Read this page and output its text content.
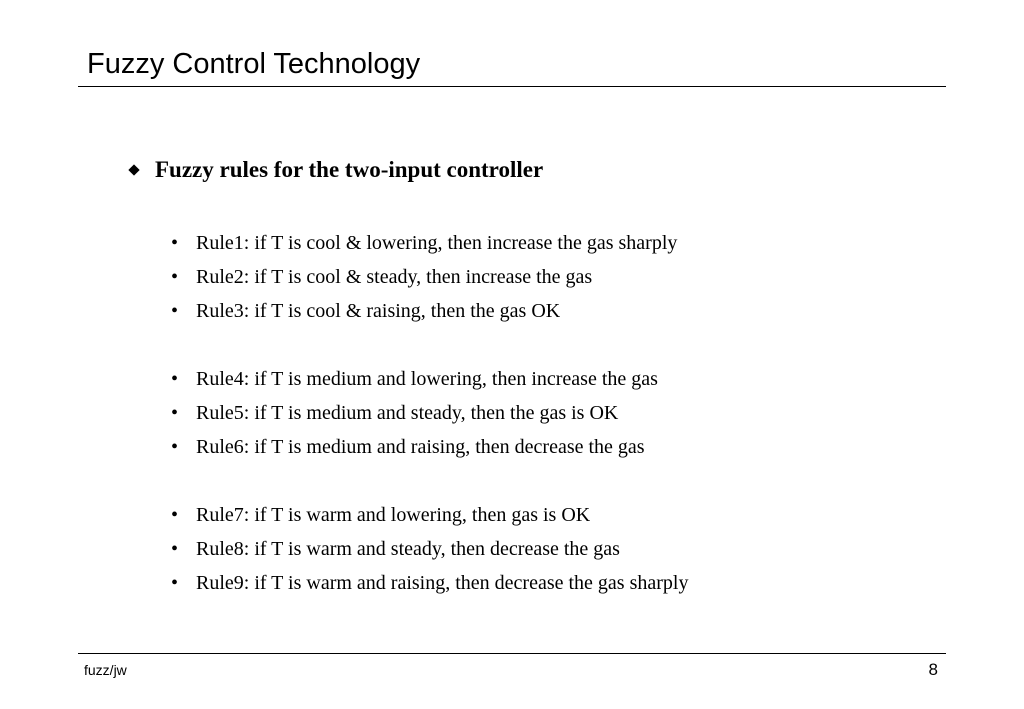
Fuzzy Control Technology
Fuzzy rules for the two-input controller
• Rule1: if T is cool & lowering, then increase the gas sharply
• Rule2: if T is cool & steady, then increase the gas
• Rule3: if T is cool & raising, then the gas OK
• Rule4: if T is medium and lowering, then increase the gas
• Rule5: if T is medium and steady, then the gas is OK
• Rule6: if T is medium and raising, then decrease the gas
• Rule7: if T is warm and lowering, then gas is OK
• Rule8: if T is warm and steady, then decrease the gas
• Rule9: if T is warm and raising, then decrease the gas sharply
fuzz/jw	8
